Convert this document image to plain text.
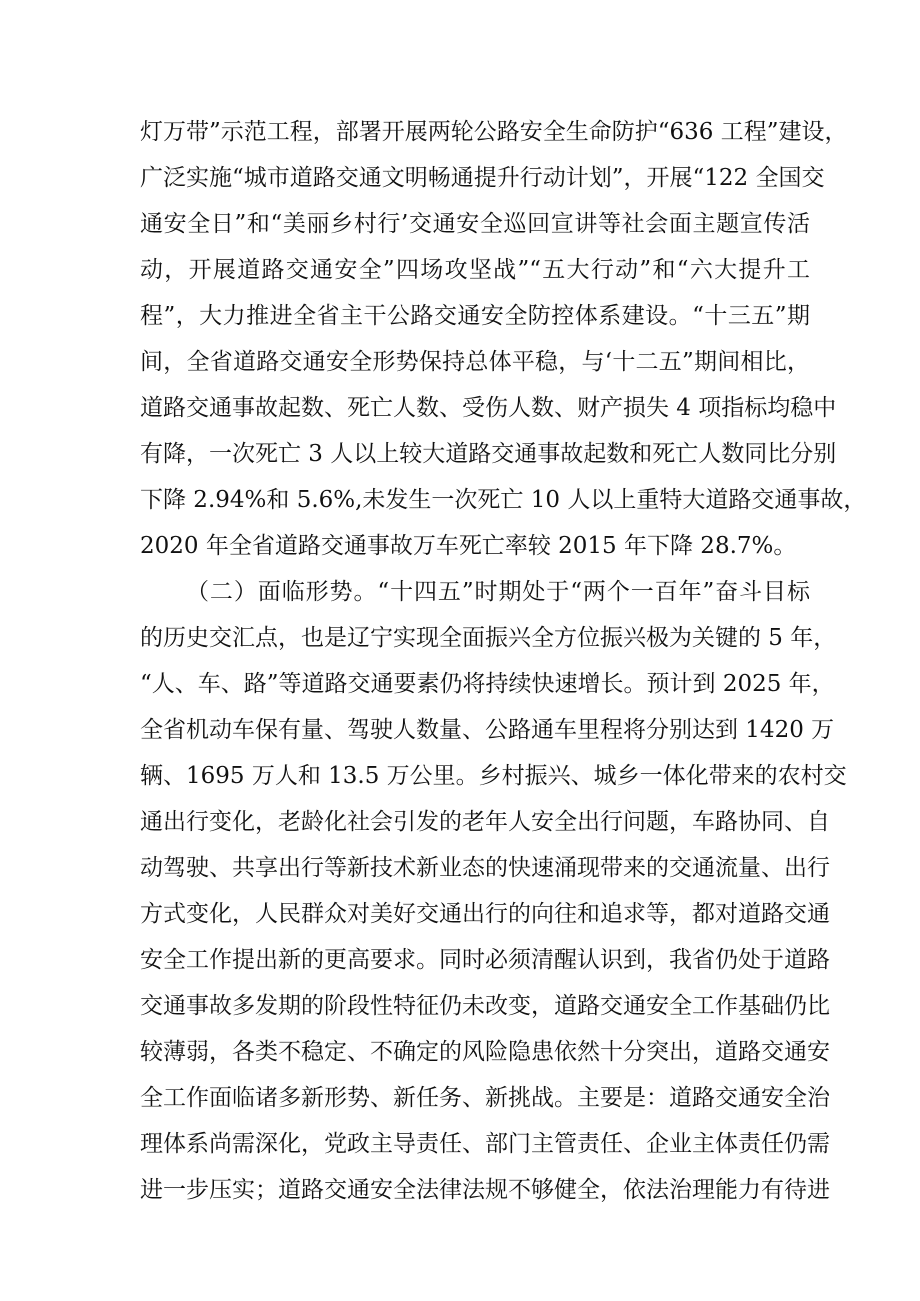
灯万带”示范工程，部署开展两轮公路安全生命防护“636 工程”建设，
广泛实施“城市道路交通文明畅通提升行动计划”，开展“122 全国交
通安全日”和“美丽乡村行’交通安全巡回宣讲等社会面主题宣传活
动，开展道路交通安全”四场攻坚战”“五大行动”和“六大提升工
程”，大力推进全省主干公路交通安全防控体系建设。“十三五”期
间，全省道路交通安全形势保持总体平稳，与‘十二五”期间相比，
道路交通事故起数、死亡人数、受伤人数、财产损失 4 项指标均稳中
有降，一次死亡 3 人以上较大道路交通事故起数和死亡人数同比分别
下降 2.94%和 5.6%,未发生一次死亡 10 人以上重特大道路交通事故，
2020 年全省道路交通事故万车死亡率较 2015 年下降 28.7%。
（二）面临形势。“十四五”时期处于“两个一百年”奋斗目标
的历史交汇点，也是辽宁实现全面振兴全方位振兴极为关键的 5 年，
“人、车、路”等道路交通要素仍将持续快速增长。预计到 2025 年，
全省机动车保有量、驾驶人数量、公路通车里程将分别达到 1420 万
辆、1695 万人和 13.5 万公里。乡村振兴、城乡一体化带来的农村交
通出行变化，老龄化社会引发的老年人安全出行问题，车路协同、自
动驾驶、共享出行等新技术新业态的快速涌现带来的交通流量、出行
方式变化，人民群众对美好交通出行的向往和追求等，都对道路交通
安全工作提出新的更高要求。同时必须清醒认识到，我省仍处于道路
交通事故多发期的阶段性特征仍未改变，道路交通安全工作基础仍比
较薄弱，各类不稳定、不确定的风险隐患依然十分突出，道路交通安
全工作面临诸多新形势、新任务、新挑战。主要是：道路交通安全治
理体系尚需深化，党政主导责任、部门主管责任、企业主体责任仍需
进一步压实；道路交通安全法律法规不够健全，依法治理能力有待进
